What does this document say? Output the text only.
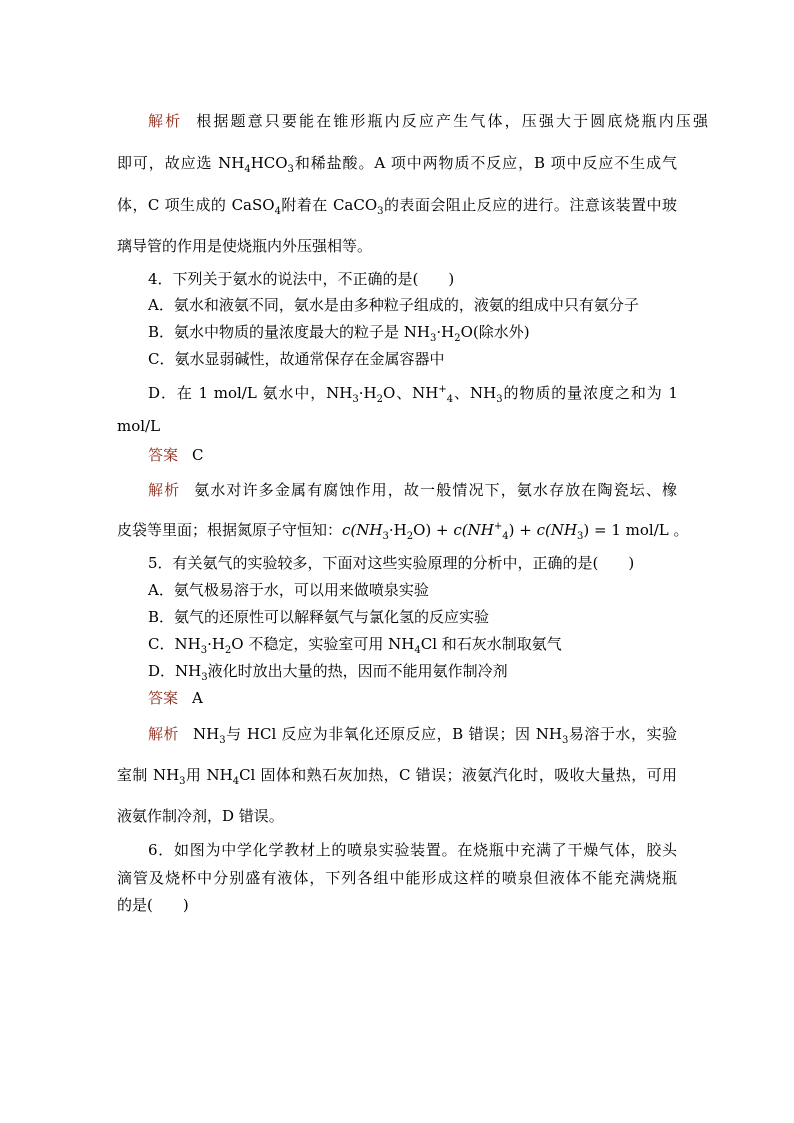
解析 根据题意只要能在锥形瓶内反应产生气体，压强大于圆底烧瓶内压强
即可，故应选 $NH_4HCO_3$和稀盐酸。A 项中两物质不反应，B 项中反应不生成气
体，C 项生成的 CaSO$_4$附着在 CaCO$_3$的表面会阻止反应的进行。注意该装置中玻
璃导管的作用是使烧瓶内外压强相等。
4．下列关于氨水的说法中，不正确的是(　　)
A．氨水和液氨不同，氨水是由多种粒子组成的，液氨的组成中只有氨分子
B．氨水中物质的量浓度最大的粒子是 $NH_3\cdot H_2O$(除水外)
C．氨水显弱碱性，故通常保存在金属容器中
D．在 1 mol/L 氨水中，$NH_3\cdot H_2O$、$NH^+_4$、$NH_3$的物质的量浓度之和为 1
mol/L
答案 C
解析 氨水对许多金属有腐蚀作用，故一般情况下，氨水存放在陶瓷坛、橡
皮袋等里面；根据氮原子守恒知：$c(NH_3\cdot H_2O) + c(NH^+_4) + c(NH_3) = 1$ mol/L 。
5．有关氨气的实验较多，下面对这些实验原理的分析中，正确的是(　　)
A．氨气极易溶于水，可以用来做喷泉实验
B．氨气的还原性可以解释氨气与氯化氢的反应实验
C．$NH_3\cdot H_2O$ 不稳定，实验室可用 $NH_4Cl$ 和石灰水制取氨气
D．$NH_3$液化时放出大量的热，因而不能用氨作制冷剂
答案 A
解析 $NH_3$与 HCl 反应为非氧化还原反应，B 错误；因 $NH_3$易溶于水，实验
室制 $NH_3$用 $NH_4Cl$ 固体和熟石灰加热，C 错误；液氨汽化时，吸收大量热，可用
液氨作制冷剂，D 错误。
6．如图为中学化学教材上的喷泉实验装置。在烧瓶中充满了干燥气体，胶头
滴管及烧杯中分别盛有液体，下列各组中能形成这样的喷泉但液体不能充满烧瓶
的是(　　)
